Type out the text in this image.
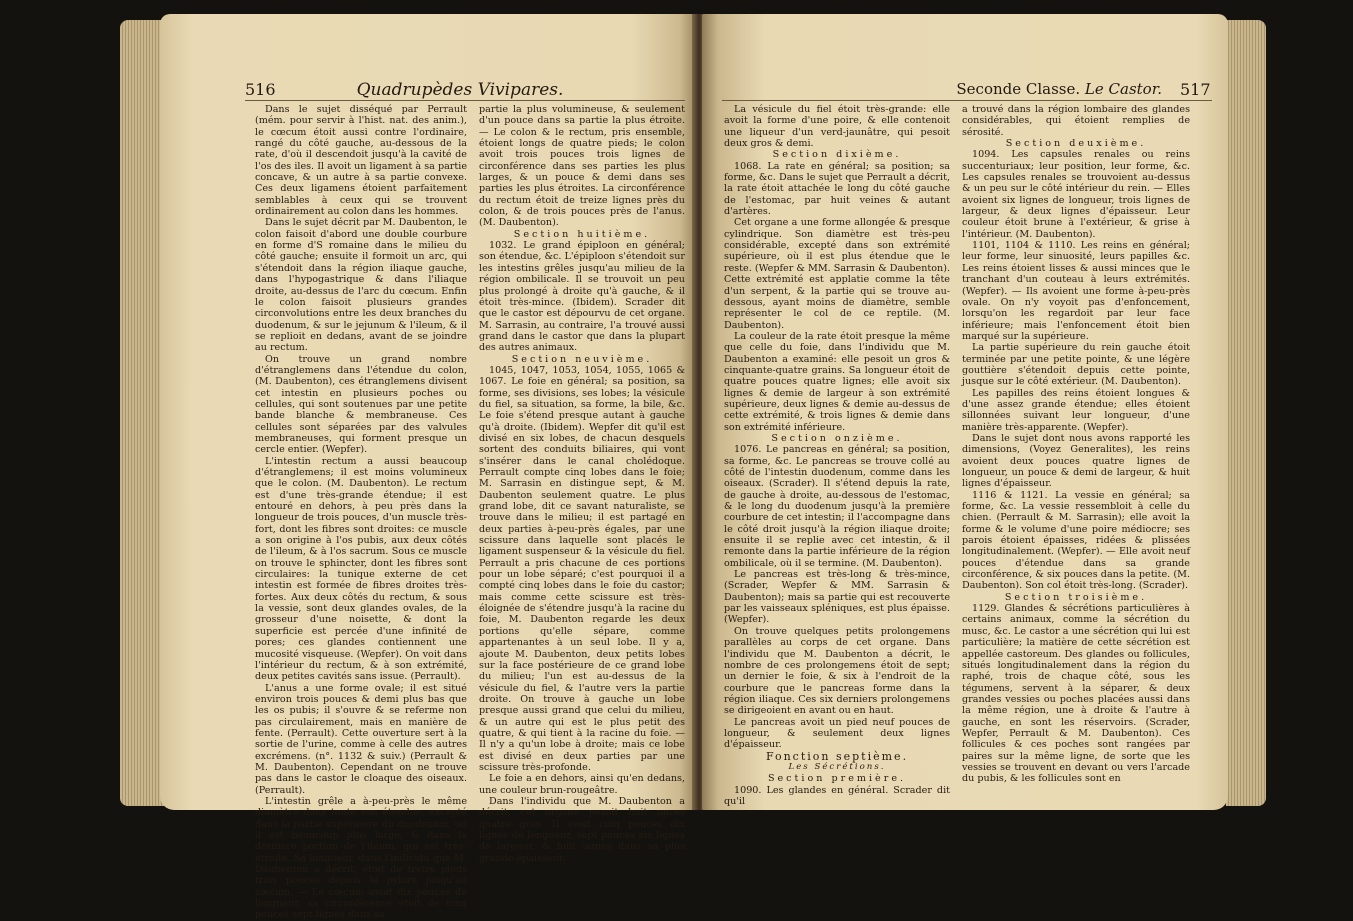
516	Quadrupèdes Vivipares.

Dans le sujet disséqué par Perrault (mém. pour servir à l'hist. nat. des anim.), le cœcum étoit aussi contre l'ordinaire, rangé du côté gauche, au-dessous de la rate, d'où il descendoit jusqu'à la cavité de l'os des iles. Il avoit un ligament à sa partie concave, & un autre à sa partie convexe. Ces deux ligamens étoient parfaitement semblables à ceux qui se trouvent ordinairement au colon dans les hommes.

Dans le sujet décrit par M. Daubenton, le colon faisoit d'abord une double courbure en forme d'S romaine dans le milieu du côté gauche; ensuite il formoit un arc, qui s'étendoit dans la région iliaque gauche, dans l'hypogastrique & dans l'iliaque droite, au-dessus de l'arc du cœcum. Enfin le colon faisoit plusieurs grandes circonvolutions entre les deux branches du duodenum, & sur le jejunum & l'ileum, & il se replioit en dedans, avant de se joindre au rectum.

On trouve un grand nombre d'étranglemens dans l'étendue du colon, (M. Daubenton), ces étranglemens divisent cet intestin en plusieurs poches ou cellules, qui sont soutenues par une petite bande blanche & membraneuse. Ces cellules sont séparées par des valvules membraneuses, qui forment presque un cercle entier. (Wepfer).

L'intestin rectum a aussi beaucoup d'étranglemens; il est moins volumineux que le colon. (M. Daubenton). Le rectum est d'une très-grande étendue; il est entouré en dehors, à peu près dans la longueur de trois pouces, d'un muscle très-fort, dont les fibres sont droites: ce muscle a son origine à l'os pubis, aux deux côtés de l'ileum, & à l'os sacrum. Sous ce muscle on trouve le sphincter, dont les fibres sont circulaires: la tunique externe de cet intestin est formée de fibres droites très-fortes. Aux deux côtés du rectum, & sous la vessie, sont deux glandes ovales, de la grosseur d'une noisette, & dont la superficie est percée d'une infinité de pores; ces glandes contiennent une mucosité visqueuse. (Wepfer). On voit dans l'intérieur du rectum, & à son extrémité, deux petites cavités sans issue. (Perrault).

L'anus a une forme ovale; il est situé environ trois pouces & demi plus bas que les os pubis; il s'ouvre & se referme non pas circulairement, mais en manière de fente. (Perrault). Cette ouverture sert à la sortie de l'urine, comme à celle des autres excrémens. (n°. 1132 & suiv.) (Perrault & M. Daubenton). Cependant on ne trouve pas dans le castor le cloaque des oiseaux. (Perrault).

L'intestin grêle a à-peu-près le même diamètre dans toute son étendue, excepté dans la partie supérieure du duodenum, où il est beaucoup plus large, & dans la dernière portion de l'ileum, qui est très-étroite. Sa longueur, dans l'individu que M. Daubenton a décrit, étoit de treize pieds trois pouces depuis le pylore jusqu'au cæcum. — Le cœcum avoit dix pouces de longueur, sa circonférence étoit de cinq pouces sept lignes dans sa

partie la plus volumineuse, & seulement d'un pouce dans sa partie la plus étroite. — Le colon & le rectum, pris ensemble, étoient longs de quatre pieds; le colon avoit trois pouces trois lignes de circonférence dans ses parties les plus larges, & un pouce & demi dans ses parties les plus étroites. La circonférence du rectum étoit de treize lignes près du colon, & de trois pouces près de l'anus. (M. Daubenton).

Section huitième.

1032. Le grand épiploon en général; son étendue, &c. L'épiploon s'étendoit sur les intestins grêles jusqu'au milieu de la région ombilicale. Il se trouvoit un peu plus prolongé à droite qu'à gauche, & il étoit très-mince. (Ibidem). Scrader dit que le castor est dépourvu de cet organe. M. Sarrasin, au contraire, l'a trouvé aussi grand dans le castor que dans la plupart des autres animaux.

Section neuvième.

1045, 1047, 1053, 1054, 1055, 1065 & 1067. Le foie en général; sa position, sa forme, ses divisions, ses lobes; la vésicule du fiel, sa situation, sa forme, la bile, &c. Le foie s'étend presque autant à gauche qu'à droite. (Ibidem). Wepfer dit qu'il est divisé en six lobes, de chacun desquels sortent des conduits biliaires, qui vont s'insérer dans le canal cholédoque. Perrault compte cinq lobes dans le foie; M. Sarrasin en distingue sept, & M. Daubenton seulement quatre. Le plus grand lobe, dit ce savant naturaliste, se trouve dans le milieu; il est partagé en deux parties à-peu-près égales, par une scissure dans laquelle sont placés le ligament suspenseur & la vésicule du fiel. Perrault a pris chacune de ces portions pour un lobe séparé; c'est pourquoi il a compté cinq lobes dans le foie du castor; mais comme cette scissure est très-éloignée de s'étendre jusqu'à la racine du foie, M. Daubenton regarde les deux portions qu'elle sépare, comme appartenantes à un seul lobe. Il y a, ajoute M. Daubenton, deux petits lobes sur la face postérieure de ce grand lobe du milieu; l'un est au-dessus de la vésicule du fiel, & l'autre vers la partie droite. On trouve à gauche un lobe presque aussi grand que celui du milieu, & un autre qui est le plus petit des quatre, & qui tient à la racine du foie. — Il n'y a qu'un lobe à droite; mais ce lobe est divisé en deux parties par une scissure très-profonde.

Le foie a en dehors, ainsi qu'en dedans, une couleur brun-rougeâtre.

Dans l'individu que M. Daubenton a décrit, cet organe pesoit huit onces quatre gros. Il avoit cinq pouces dix lignes de longueur, sept pouces six lignes de largeur, & huit lignes dans sa plus grande épaisseur.

Seconde Classe. Le Castor. 517

La vésicule du fiel étoit très-grande: elle avoit la forme d'une poire, & elle contenoit une liqueur d'un verd-jaunâtre, qui pesoit deux gros & demi.

Section dixième.

1068. La rate en général; sa position; sa forme, &c. Dans le sujet que Perrault a décrit, la rate étoit attachée le long du côté gauche de l'estomac, par huit veines & autant d'artères.

Cet organe a une forme allongée & presque cylindrique. Son diamètre est très-peu considérable, excepté dans son extrémité supérieure, où il est plus étendue que le reste. (Wepfer & MM. Sarrasin & Daubenton). Cette extrémité est applatie comme la tête d'un serpent, & la partie qui se trouve au-dessous, ayant moins de diamètre, semble représenter le col de ce reptile. (M. Daubenton).

La couleur de la rate étoit presque la même que celle du foie, dans l'individu que M. Daubenton a examiné: elle pesoit un gros & cinquante-quatre grains. Sa longueur étoit de quatre pouces quatre lignes; elle avoit six lignes & demie de largeur à son extrémité supérieure, deux lignes & demie au-dessus de cette extrémité, & trois lignes & demie dans son extrémité inférieure.

Section onzième.

1076. Le pancreas en général; sa position, sa forme, &c. Le pancreas se trouve collé au côté de l'intestin duodenum, comme dans les oiseaux. (Scrader). Il s'étend depuis la rate, de gauche à droite, au-dessous de l'estomac, & le long du duodenum jusqu'à la première courbure de cet intestin; il l'accompagne dans le côté droit jusqu'à la région iliaque droite; ensuite il se replie avec cet intestin, & il remonte dans la partie inférieure de la région ombilicale, où il se termine. (M. Daubenton).

Le pancreas est très-long & très-mince, (Scrader, Wepfer & MM. Sarrasin & Daubenton); mais sa partie qui est recouverte par les vaisseaux spléniques, est plus épaisse. (Wepfer).

On trouve quelques petits prolongemens parallèles au corps de cet organe. Dans l'individu que M. Daubenton a décrit, le nombre de ces prolongemens étoit de sept; un dernier le foie, & six à l'endroit de la courbure que le pancreas forme dans la région iliaque. Ces six derniers prolongemens se dirigeoient en avant ou en haut.

Le pancreas avoit un pied neuf pouces de longueur, & seulement deux lignes d'épaisseur.

Fonction septième.

Les Sécrétions.

Section première.

1090. Les glandes en général. Scrader dit qu'il

a trouvé dans la région lombaire des glandes considérables, qui étoient remplies de sérosité.

Section deuxième.

1094. Les capsules renales ou reins succenturiaux; leur position, leur forme, &c. Les capsules renales se trouvoient au-dessus & un peu sur le côté intérieur du rein. — Elles avoient six lignes de longueur, trois lignes de largeur, & deux lignes d'épaisseur. Leur couleur étoit brune à l'extérieur, & grise à l'intérieur. (M. Daubenton).

1101, 1104 & 1110. Les reins en général; leur forme, leur sinuosité, leurs papilles &c. Les reins étoient lisses & aussi minces que le tranchant d'un couteau à leurs extrémités. (Wepfer). — Ils avoient une forme à-peu-près ovale. On n'y voyoit pas d'enfoncement, lorsqu'on les regardoit par leur face inférieure; mais l'enfoncement étoit bien marqué sur la supérieure.

La partie supérieure du rein gauche étoit terminée par une petite pointe, & une légère gouttière s'étendoit depuis cette pointe, jusque sur le côté extérieur. (M. Daubenton).

Les papilles des reins étoient longues & d'une assez grande étendue; elles étoient sillonnées suivant leur longueur, d'une manière très-apparente. (Wepfer).

Dans le sujet dont nous avons rapporté les dimensions, (Voyez Generalites), les reins avoient deux pouces quatre lignes de longueur, un pouce & demi de largeur, & huit lignes d'épaisseur.

1116 & 1121. La vessie en général; sa forme, &c. La vessie ressembloit à celle du chien. (Perrault & M. Sarrasin); elle avoit la forme & le volume d'une poire médiocre; ses parois étoient épaisses, ridées & plissées longitudinalement. (Wepfer). — Elle avoit neuf pouces d'étendue dans sa grande circonférence, & six pouces dans la petite. (M. Daubenton). Son col étoit très-long. (Scrader).

Section troisième.

1129. Glandes & sécrétions particulières à certains animaux, comme la sécrétion du musc, &c. Le castor a une sécrétion qui lui est particulière; la matière de cette sécrétion est appellée castoreum. Des glandes ou follicules, situés longitudinalement dans la région du raphé, trois de chaque côté, sous les tégumens, servent à la séparer, & deux grandes vessies ou poches placées aussi dans la même région, une à droite & l'autre à gauche, en sont les réservoirs. (Scrader, Wepfer, Perrault & M. Daubenton). Ces follicules & ces poches sont rangées par paires sur la même ligne, de sorte que les vessies se trouvent en devant ou vers l'arcade du pubis, & les follicules sont en
